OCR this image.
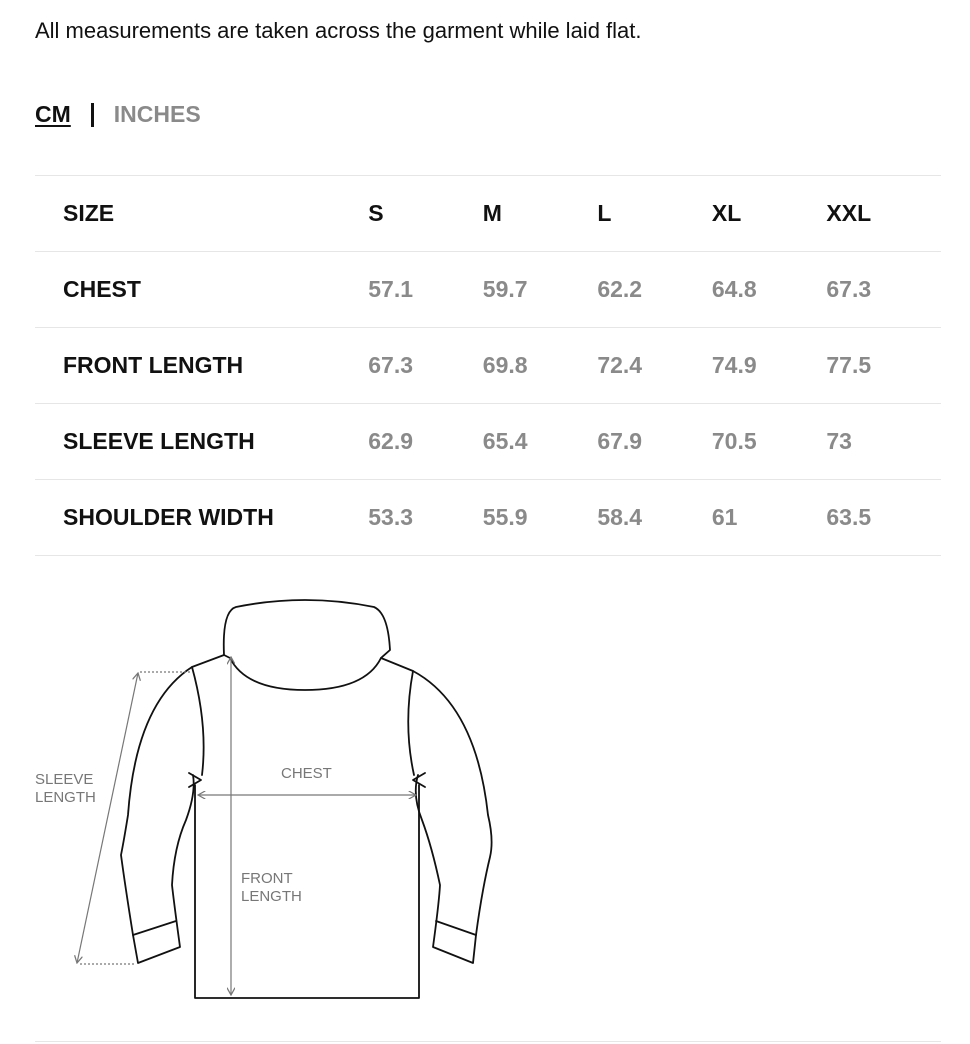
All measurements are taken across the garment while laid flat.

CM INCHES
SIZE	S	M	L	XL	XXL
CHEST	57.1	59.7	62.2	64.8	67.3
FRONT LENGTH	67.3	69.8	72.4	74.9	77.5
SLEEVE LENGTH	62.9	65.4	67.9	70.5	73
SHOULDER WIDTH	53.3	55.9	58.4	61	63.5
SLEEVE
LENGTH
CHEST
FRONT
LENGTH
